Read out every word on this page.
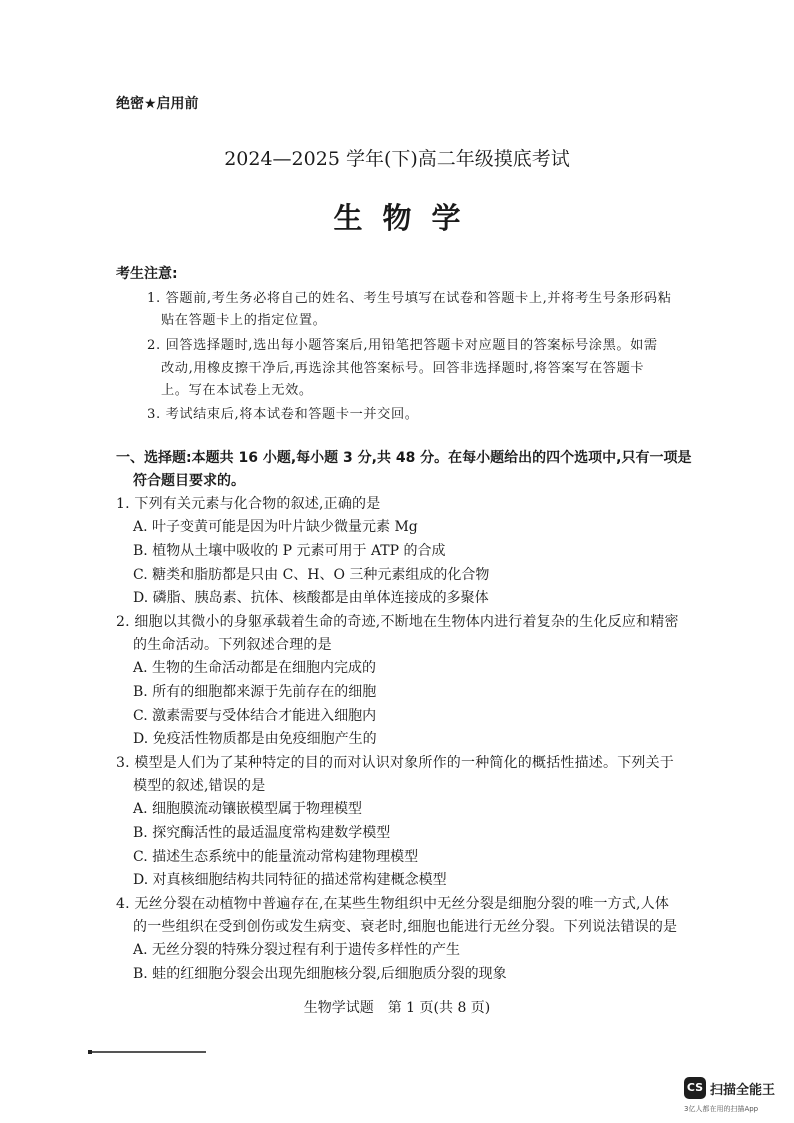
绝密★启用前
2024—2025 学年(下)高二年级摸底考试
生物学
考生注意:
1. 答题前,考生务必将自己的姓名、考生号填写在试卷和答题卡上,并将考生号条形码粘
贴在答题卡上的指定位置。
2. 回答选择题时,选出每小题答案后,用铅笔把答题卡对应题目的答案标号涂黑。如需
改动,用橡皮擦干净后,再选涂其他答案标号。回答非选择题时,将答案写在答题卡
上。写在本试卷上无效。
3. 考试结束后,将本试卷和答题卡一并交回。
一、选择题:本题共 16 小题,每小题 3 分,共 48 分。在每小题给出的四个选项中,只有一项是
符合题目要求的。
1. 下列有关元素与化合物的叙述,正确的是
A. 叶子变黄可能是因为叶片缺少微量元素 Mg
B. 植物从土壤中吸收的 P 元素可用于 ATP 的合成
C. 糖类和脂肪都是只由 C、H、O 三种元素组成的化合物
D. 磷脂、胰岛素、抗体、核酸都是由单体连接成的多聚体
2. 细胞以其微小的身躯承载着生命的奇迹,不断地在生物体内进行着复杂的生化反应和精密
的生命活动。下列叙述合理的是
A. 生物的生命活动都是在细胞内完成的
B. 所有的细胞都来源于先前存在的细胞
C. 激素需要与受体结合才能进入细胞内
D. 免疫活性物质都是由免疫细胞产生的
3. 模型是人们为了某种特定的目的而对认识对象所作的一种简化的概括性描述。下列关于
模型的叙述,错误的是
A. 细胞膜流动镶嵌模型属于物理模型
B. 探究酶活性的最适温度常构建数学模型
C. 描述生态系统中的能量流动常构建物理模型
D. 对真核细胞结构共同特征的描述常构建概念模型
4. 无丝分裂在动植物中普遍存在,在某些生物组织中无丝分裂是细胞分裂的唯一方式,人体
的一些组织在受到创伤或发生病变、衰老时,细胞也能进行无丝分裂。下列说法错误的是
A. 无丝分裂的特殊分裂过程有利于遗传多样性的产生
B. 蛙的红细胞分裂会出现先细胞核分裂,后细胞质分裂的现象
生物学试题　第 1 页(共 8 页)
CS 扫描全能王
3亿人都在用的扫描App
